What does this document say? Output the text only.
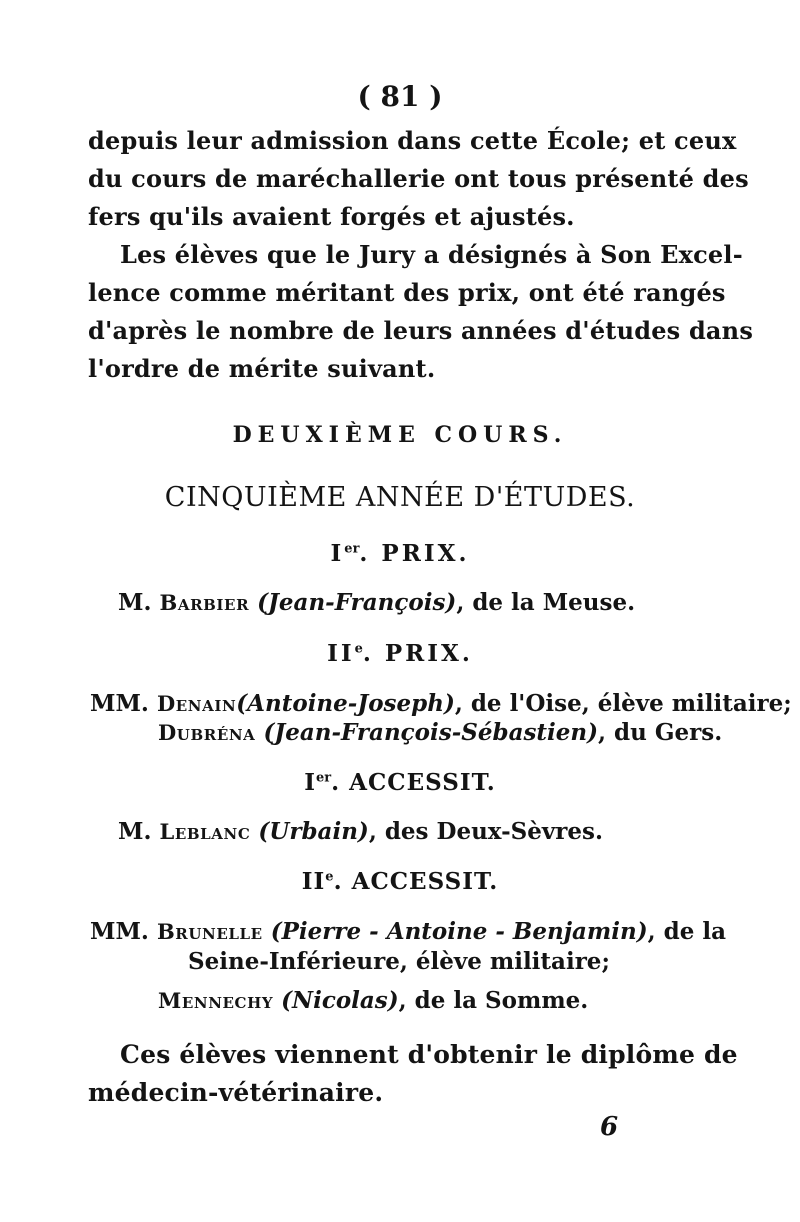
( 81 )
depuis leur admission dans cette École; et ceux
du cours de maréchallerie ont tous présenté des
fers qu'ils avaient forgés et ajustés.
Les élèves que le Jury a désignés à Son Excel-
lence comme méritant des prix, ont été rangés
d'après le nombre de leurs années d'études dans
l'ordre de mérite suivant.
DEUXIÈME COURS.
CINQUIÈME ANNÉE D'ÉTUDES.
Ier. PRIX.
M. Barbier (Jean-François), de la Meuse.
IIe. PRIX.
MM. Denain(Antoine-Joseph), de l'Oise, élève militaire;
Dubréna (Jean-François-Sébastien), du Gers.
Ier. ACCESSIT.
M. Leblanc (Urbain), des Deux-Sèvres.
IIe. ACCESSIT.
MM. Brunelle (Pierre - Antoine - Benjamin), de la
Seine-Inférieure, élève militaire;
Mennechy (Nicolas), de la Somme.
Ces élèves viennent d'obtenir le diplôme de
médecin-vétérinaire.
6
